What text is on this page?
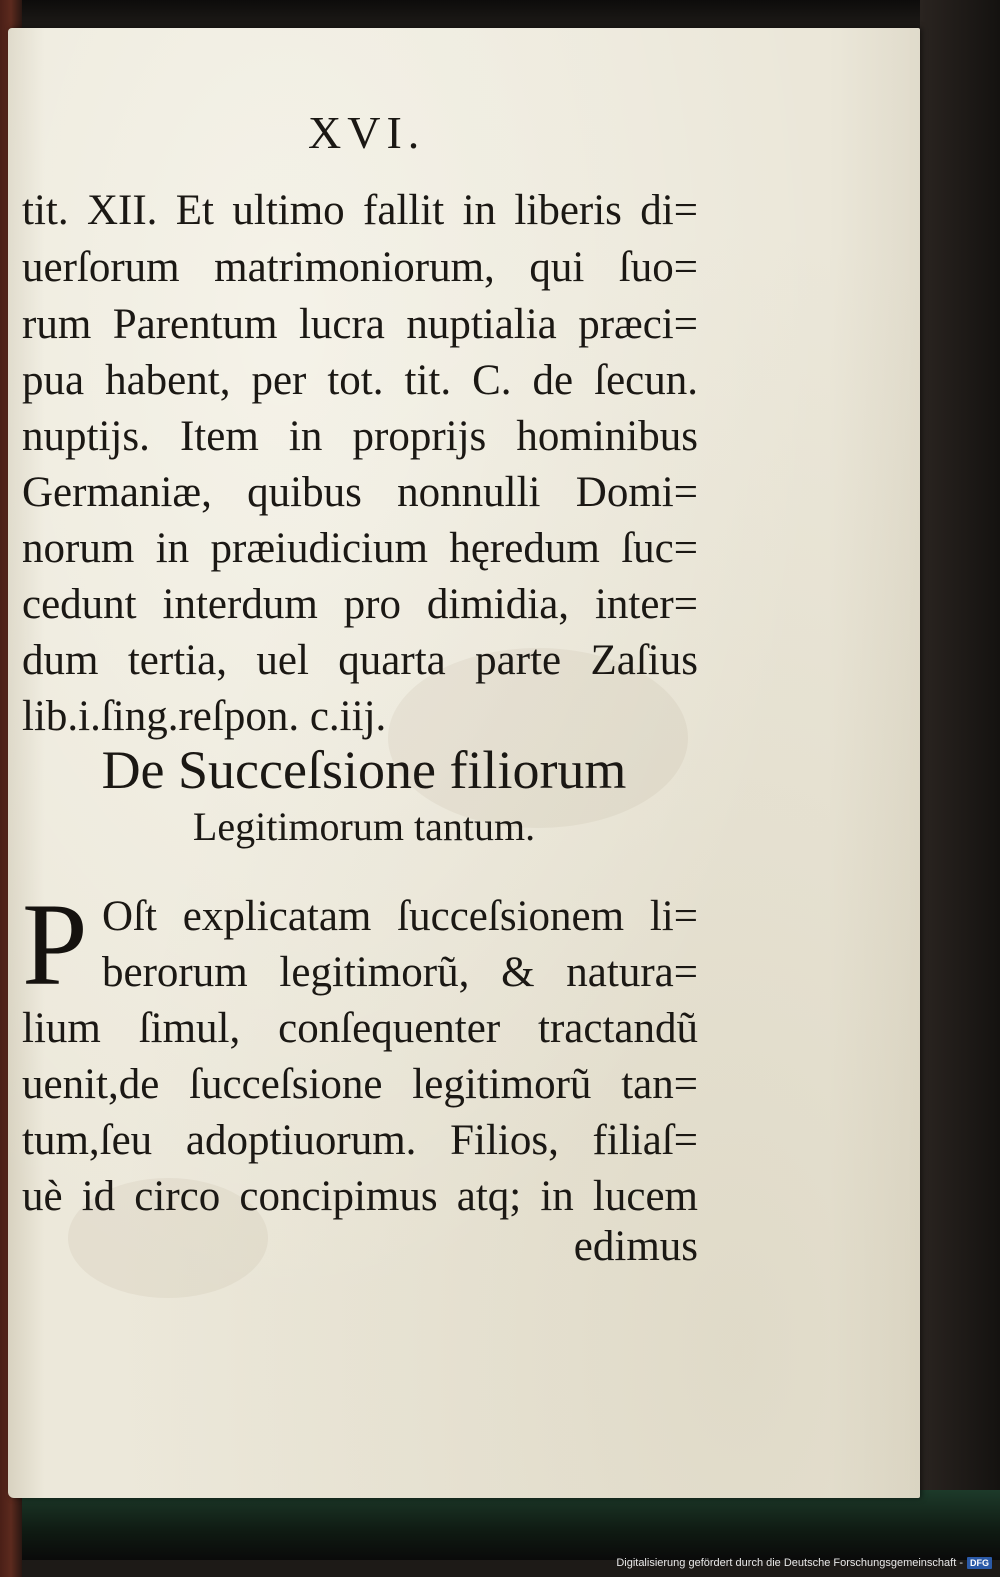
XVI.
tit. XII. Et ultimo fallit in liberis di=
uerſorum matrimoniorum, qui ſuo=
rum Parentum lucra nuptialia præci=
pua habent, per tot. tit. C. de ſecun.
nuptijs. Item in proprijs hominibus
Germaniæ, quibus nonnulli Domi=
norum in præiudicium hęredum ſuc=
cedunt interdum pro dimidia, inter=
dum tertia, uel quarta parte Zaſius
lib.i.ſing.reſpon. c.iij.
De Succeſsione filiorum
Legitimorum tantum.
P Oſt explicatam ſucceſsionem li=
berorum legitimorũ, & natura=
lium ſimul, conſequenter tractandũ
uenit,de ſucceſsione legitimorũ tan=
tum,ſeu adoptiuorum. Filios, filiaſ=
uè id circo concipimus atq; in lucem
edimus
Digitalisierung gefördert durch die Deutsche Forschungsgemeinschaft - DFG
